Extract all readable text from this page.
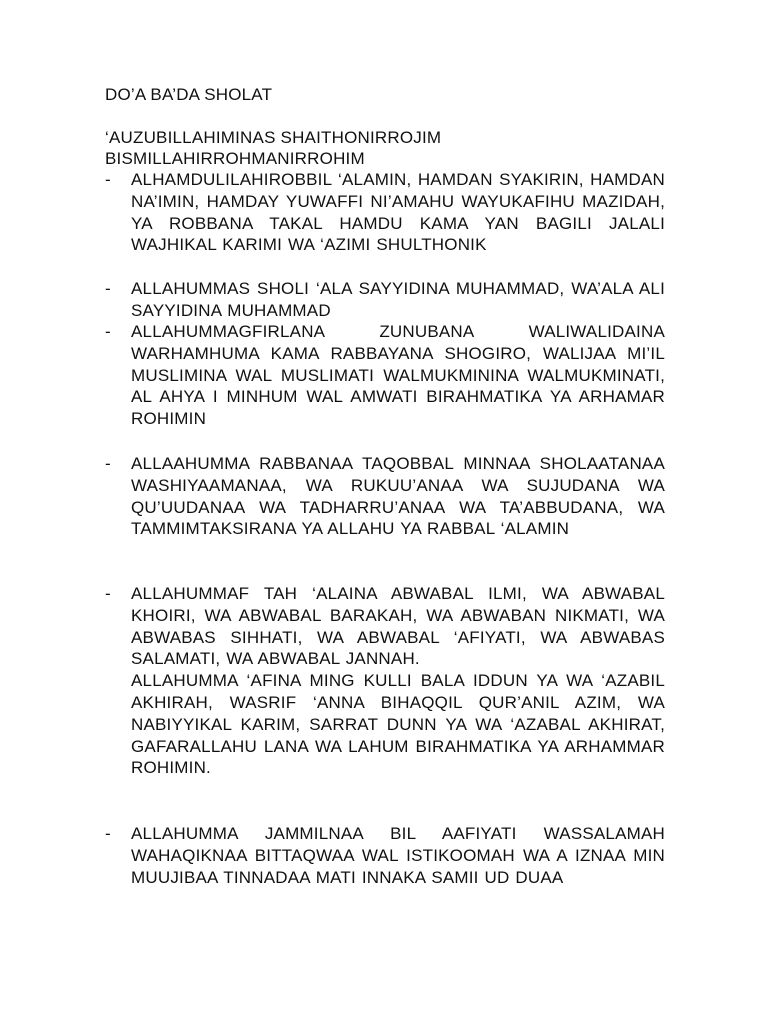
DO’A BA’DA SHOLAT
‘AUZUBILLAHIMINAS SHAITHONIRROJIM
BISMILLAHIRROHMANIRROHIM
- ALHAMDULILAHIROBBIL ‘ALAMIN, HAMDAN SYAKIRIN, HAMDAN NA’IMIN, HAMDAY YUWAFFI NI’AMAHU WAYUKAFIHU MAZIDAH, YA ROBBANA TAKAL HAMDU KAMA YAN BAGILI JALALI WAJHIKAL KARIMI WA ‘AZIMI SHULTHONIK

- ALLAHUMMAS SHOLI ‘ALA SAYYIDINA MUHAMMAD, WA’ALA ALI SAYYIDINA MUHAMMAD

- ALLAHUMMAGFIRLANA ZUNUBANA WALIWALIDAINA WARHAMHUMA KAMA RABBAYANA SHOGIRO, WALIJAA MI’IL MUSLIMINA WAL MUSLIMATI WALMUKMININA WALMUKMINATI, AL AHYA I MINHUM WAL AMWATI BIRAHMATIKA YA ARHAMAR ROHIMIN

- ALLAAHUMMA RABBANAA TAQOBBAL MINNAA SHOLAATANAA WASHIYAAMANAA, WA RUKUU’ANAA WA SUJUDANA WA QU’UUDANAA WA TADHARRU’ANAA WA TA’ABBUDANA, WA TAMMIMTAKSIRANA YA ALLAHU YA RABBAL ‘ALAMIN

- ALLAHUMMAF TAH ‘ALAINA ABWABAL ILMI, WA ABWABAL KHOIRI, WA ABWABAL BARAKAH, WA ABWABAN NIKMATI, WA ABWABAS SIHHATI, WA ABWABAL ‘AFIYATI, WA ABWABAS SALAMATI, WA ABWABAL JANNAH.

ALLAHUMMA ‘AFINA MING KULLI BALA IDDUN YA WA ‘AZABIL AKHIRAH, WASRIF ‘ANNA BIHAQQIL QUR’ANIL AZIM, WA NABIYYIKAL KARIM, SARRAT DUNN YA WA ‘AZABAL AKHIRAT, GAFARALLAHU LANA WA LAHUM BIRAHMATIKA YA ARHAMMAR ROHIMIN.

- ALLAHUMMA JAMMILNAA BIL AAFIYATI WASSALAMAH WAHAQIKNAA BITTAQWAA WAL ISTIKOOMAH WA A IZNAA MIN MUUJIBAA TINNADAA MATI INNAKA SAMII UD DUAA
